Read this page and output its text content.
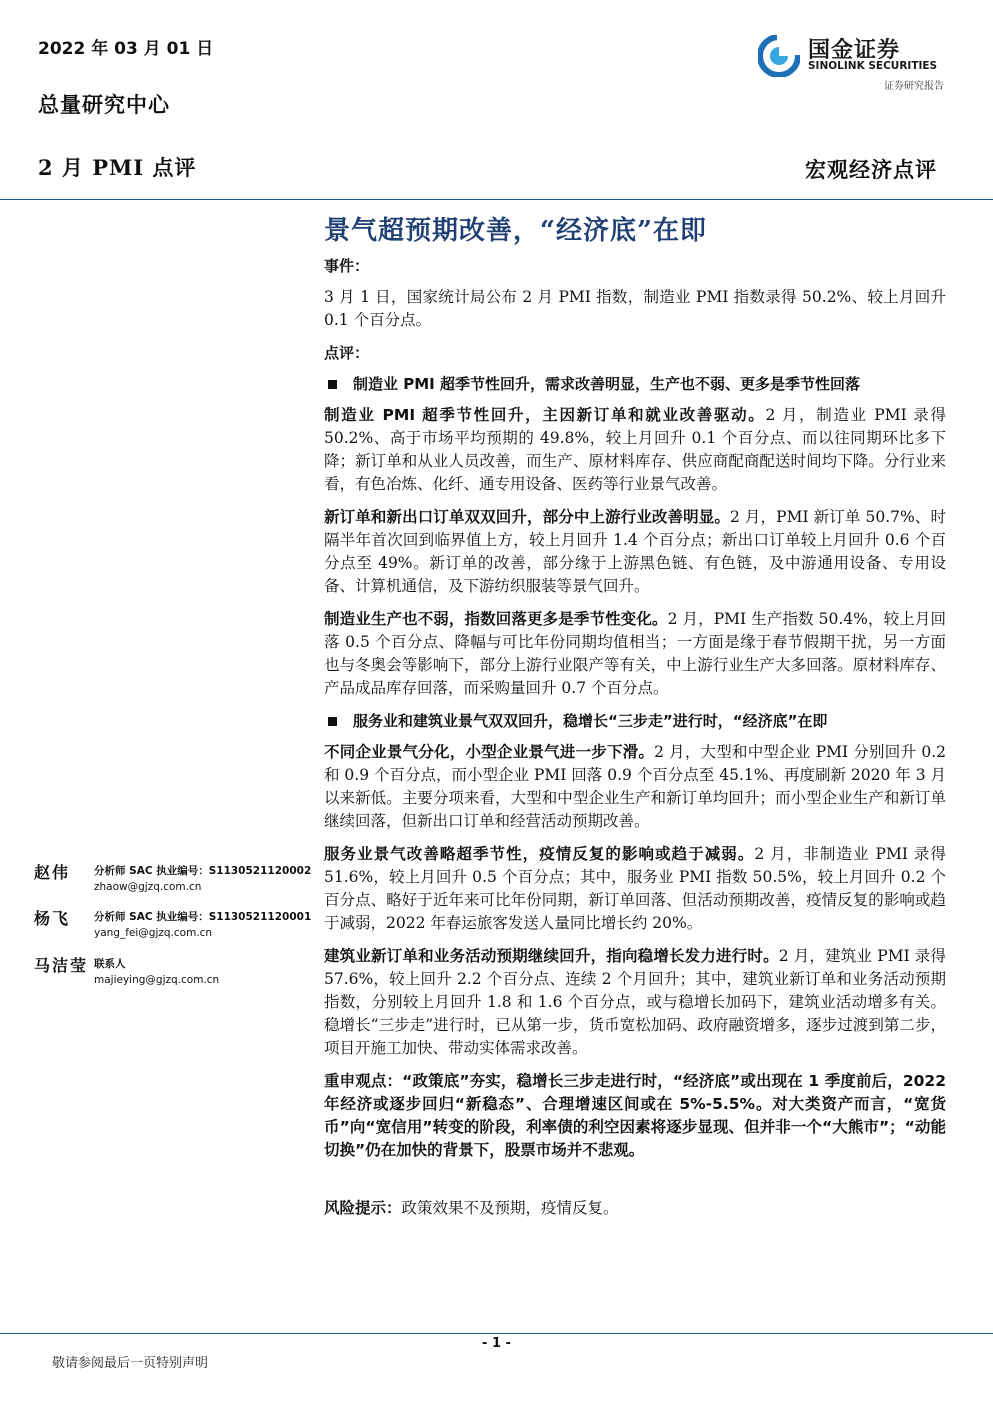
2022 年 03 月 01 日
总量研究中心
2 月 PMI 点评	宏观经济点评
国金证券
SINOLINK SECURITIES
证券研究报告
景气超预期改善，“经济底”在即
事件：
3 月 1 日，国家统计局公布 2 月 PMI 指数，制造业 PMI 指数录得 50.2%、较上月回升 0.1 个百分点。
点评：
制造业 PMI 超季节性回升，需求改善明显，生产也不弱、更多是季节性回落
制造业 PMI 超季节性回升，主因新订单和就业改善驱动。2 月，制造业 PMI 录得 50.2%、高于市场平均预期的 49.8%，较上月回升 0.1 个百分点、而以往同期环比多下降；新订单和从业人员改善，而生产、原材料库存、供应商配商配送时间均下降。分行业来看，有色冶炼、化纤、通专用设备、医药等行业景气改善。
新订单和新出口订单双双回升，部分中上游行业改善明显。2 月，PMI 新订单 50.7%、时隔半年首次回到临界值上方，较上月回升 1.4 个百分点；新出口订单较上月回升 0.6 个百分点至 49%。新订单的改善，部分缘于上游黑色链、有色链，及中游通用设备、专用设备、计算机通信，及下游纺织服装等景气回升。
制造业生产也不弱，指数回落更多是季节性变化。2 月，PMI 生产指数 50.4%，较上月回落 0.5 个百分点、降幅与可比年份同期均值相当；一方面是缘于春节假期干扰，另一方面也与冬奥会等影响下，部分上游行业限产等有关，中上游行业生产大多回落。原材料库存、产品成品库存回落，而采购量回升 0.7 个百分点。
服务业和建筑业景气双双回升，稳增长“三步走”进行时，“经济底”在即
不同企业景气分化，小型企业景气进一步下滑。2 月，大型和中型企业 PMI 分别回升 0.2 和 0.9 个百分点，而小型企业 PMI 回落 0.9 个百分点至 45.1%、再度刷新 2020 年 3 月以来新低。主要分项来看，大型和中型企业生产和新订单均回升；而小型企业生产和新订单继续回落，但新出口订单和经营活动预期改善。
服务业景气改善略超季节性，疫情反复的影响或趋于减弱。2 月，非制造业 PMI 录得 51.6%，较上月回升 0.5 个百分点；其中，服务业 PMI 指数 50.5%，较上月回升 0.2 个百分点、略好于近年来可比年份同期，新订单回落、但活动预期改善，疫情反复的影响或趋于减弱，2022 年春运旅客发送人量同比增长约 20%。
建筑业新订单和业务活动预期继续回升，指向稳增长发力进行时。2 月，建筑业 PMI 录得 57.6%，较上回升 2.2 个百分点、连续 2 个月回升；其中，建筑业新订单和业务活动预期指数，分别较上月回升 1.8 和 1.6 个百分点，或与稳增长加码下，建筑业活动增多有关。稳增长“三步走”进行时，已从第一步，货币宽松加码、政府融资增多，逐步过渡到第二步，项目开施工加快、带动实体需求改善。
重申观点：“政策底”夯实，稳增长三步走进行时，“经济底”或出现在 1 季度前后，2022 年经济或逐步回归“新稳态”、合理增速区间或在 5%-5.5%。对大类资产而言，“宽货币”向“宽信用”转变的阶段，利率债的利空因素将逐步显现、但并非一个“大熊市”；“动能切换”仍在加快的背景下，股票市场并不悲观。
风险提示：政策效果不及预期，疫情反复。
赵伟 分析师 SAC 执业编号：S1130521120002
zhaow@gjzq.com.cn
杨飞 分析师 SAC 执业编号：S1130521120001
yang_fei@gjzq.com.cn
马洁莹 联系人
majieying@gjzq.com.cn
- 1 -
敬请参阅最后一页特别声明
